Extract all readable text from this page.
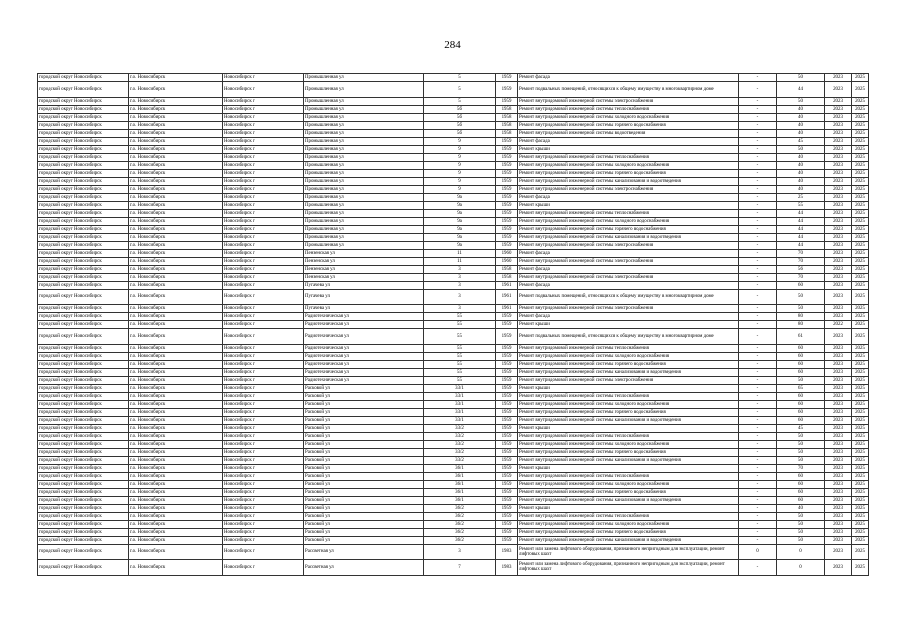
284
городской округ Новосибирск	г.о. Новосибирск	Новосибирск г	Промышленная ул	5	1959	Ремонт фасада	-	50	2023	2025
городской округ Новосибирск	г.о. Новосибирск	Новосибирск г	Промышленная ул	5	1959	Ремонт подвальных помещений, относящихся к общему имуществу в многоквартирном доме	-	44	2023	2025
городской округ Новосибирск	г.о. Новосибирск	Новосибирск г	Промышленная ул	5	1959	Ремонт внутридомовой инженерной системы электроснабжения	-	50	2023	2025
городской округ Новосибирск	г.о. Новосибирск	Новосибирск г	Промышленная ул	5б	1958	Ремонт внутридомовой инженерной системы теплоснабжения	-	40	2023	2025
городской округ Новосибирск	г.о. Новосибирск	Новосибирск г	Промышленная ул	5б	1958	Ремонт внутридомовой инженерной системы холодного водоснабжения	-	40	2023	2025
городской округ Новосибирск	г.о. Новосибирск	Новосибирск г	Промышленная ул	5б	1958	Ремонт внутридомовой инженерной системы горячего водоснабжения	-	40	2023	2025
городской округ Новосибирск	г.о. Новосибирск	Новосибирск г	Промышленная ул	5б	1958	Ремонт внутридомовой инженерной системы водоотведения	-	40	2023	2025
городской округ Новосибирск	г.о. Новосибирск	Новосибирск г	Промышленная ул	9	1959	Ремонт фасада	-	45	2023	2025
городской округ Новосибирск	г.о. Новосибирск	Новосибирск г	Промышленная ул	9	1959	Ремонт крыши	-	50	2023	2025
городской округ Новосибирск	г.о. Новосибирск	Новосибирск г	Промышленная ул	9	1959	Ремонт внутридомовой инженерной системы теплоснабжения	-	40	2023	2025
городской округ Новосибирск	г.о. Новосибирск	Новосибирск г	Промышленная ул	9	1959	Ремонт внутридомовой инженерной системы холодного водоснабжения	-	40	2023	2025
городской округ Новосибирск	г.о. Новосибирск	Новосибирск г	Промышленная ул	9	1959	Ремонт внутридомовой инженерной системы горячего водоснабжения	-	40	2023	2025
городской округ Новосибирск	г.о. Новосибирск	Новосибирск г	Промышленная ул	9	1959	Ремонт внутридомовой инженерной системы канализования и водоотведения	-	40	2023	2025
городской округ Новосибирск	г.о. Новосибирск	Новосибирск г	Промышленная ул	9	1959	Ремонт внутридомовой инженерной системы электроснабжения	-	40	2023	2025
городской округ Новосибирск	г.о. Новосибирск	Новосибирск г	Промышленная ул	9а	1959	Ремонт фасада	-	25	2023	2025
городской округ Новосибирск	г.о. Новосибирск	Новосибирск г	Промышленная ул	9а	1959	Ремонт крыши	-	55	2023	2025
городской округ Новосибирск	г.о. Новосибирск	Новосибирск г	Промышленная ул	9а	1959	Ремонт внутридомовой инженерной системы теплоснабжения	-	44	2023	2025
городской округ Новосибирск	г.о. Новосибирск	Новосибирск г	Промышленная ул	9а	1959	Ремонт внутридомовой инженерной системы холодного водоснабжения	-	44	2023	2025
городской округ Новосибирск	г.о. Новосибирск	Новосибирск г	Промышленная ул	9а	1959	Ремонт внутридомовой инженерной системы горячего водоснабжения	-	44	2023	2025
городской округ Новосибирск	г.о. Новосибирск	Новосибирск г	Промышленная ул	9а	1959	Ремонт внутридомовой инженерной системы канализования и водоотведения	-	44	2023	2025
городской округ Новосибирск	г.о. Новосибирск	Новосибирск г	Промышленная ул	9а	1959	Ремонт внутридомовой инженерной системы электроснабжения	-	44	2023	2025
городской округ Новосибирск	г.о. Новосибирск	Новосибирск г	Пензенская ул	11	1960	Ремонт фасада	-	70	2023	2025
городской округ Новосибирск	г.о. Новосибирск	Новосибирск г	Пензенская ул	11	1960	Ремонт внутридомовой инженерной системы электроснабжения	-	70	2023	2025
городской округ Новосибирск	г.о. Новосибирск	Новосибирск г	Пензенская ул	3	1958	Ремонт фасада	-	56	2023	2025
городской округ Новосибирск	г.о. Новосибирск	Новосибирск г	Пензенская ул	3	1958	Ремонт внутридомовой инженерной системы электроснабжения	-	70	2023	2025
городской округ Новосибирск	г.о. Новосибирск	Новосибирск г	Пугачева ул	3	1961	Ремонт фасада	-	60	2023	2025
городской округ Новосибирск	г.о. Новосибирск	Новосибирск г	Пугачева ул	3	1961	Ремонт подвальных помещений, относящихся к общему имуществу в многоквартирном доме	-	50	2023	2025
городской округ Новосибирск	г.о. Новосибирск	Новосибирск г	Пугачева ул	3	1961	Ремонт внутридомовой инженерной системы электроснабжения	-	50	2023	2025
городской округ Новосибирск	г.о. Новосибирск	Новосибирск г	Радиотехническая ул	55	1959	Ремонт фасада	-	80	2023	2025
городской округ Новосибирск	г.о. Новосибирск	Новосибирск г	Радиотехническая ул	55	1959	Ремонт крыши	-	80	2022	2025
городской округ Новосибирск	г.о. Новосибирск	Новосибирск г	Радиотехническая ул	55	1959	Ремонт подвальных помещений, относящихся к общему имуществу в многоквартирном доме	-	61	2023	2025
городской округ Новосибирск	г.о. Новосибирск	Новосибирск г	Радиотехническая ул	55	1959	Ремонт внутридомовой инженерной системы теплоснабжения	-	60	2023	2025
городской округ Новосибирск	г.о. Новосибирск	Новосибирск г	Радиотехническая ул	55	1959	Ремонт внутридомовой инженерной системы холодного водоснабжения	-	60	2023	2025
городской округ Новосибирск	г.о. Новосибирск	Новосибирск г	Радиотехническая ул	55	1959	Ремонт внутридомовой инженерной системы горячего водоснабжения	-	60	2023	2025
городской округ Новосибирск	г.о. Новосибирск	Новосибирск г	Радиотехническая ул	55	1959	Ремонт внутридомовой инженерной системы канализования и водоотведения	-	60	2023	2025
городской округ Новосибирск	г.о. Новосибирск	Новосибирск г	Радиотехническая ул	55	1959	Ремонт внутридомовой инженерной системы электроснабжения	-	50	2023	2025
городской округ Новосибирск	г.о. Новосибирск	Новосибирск г	Расковой ул	33/1	1959	Ремонт крыши	-	65	2023	2025
городской округ Новосибирск	г.о. Новосибирск	Новосибирск г	Расковой ул	33/1	1959	Ремонт внутридомовой инженерной системы теплоснабжения	-	60	2023	2025
городской округ Новосибирск	г.о. Новосибирск	Новосибирск г	Расковой ул	33/1	1959	Ремонт внутридомовой инженерной системы холодного водоснабжения	-	60	2023	2025
городской округ Новосибирск	г.о. Новосибирск	Новосибирск г	Расковой ул	33/1	1959	Ремонт внутридомовой инженерной системы горячего водоснабжения	-	60	2023	2025
городской округ Новосибирск	г.о. Новосибирск	Новосибирск г	Расковой ул	33/1	1959	Ремонт внутридомовой инженерной системы канализования и водоотведения	-	60	2023	2025
городской округ Новосибирск	г.о. Новосибирск	Новосибирск г	Расковой ул	33/2	1959	Ремонт крыши	-	45	2023	2025
городской округ Новосибирск	г.о. Новосибирск	Новосибирск г	Расковой ул	33/2	1959	Ремонт внутридомовой инженерной системы теплоснабжения	-	50	2023	2025
городской округ Новосибирск	г.о. Новосибирск	Новосибирск г	Расковой ул	33/2	1959	Ремонт внутридомовой инженерной системы холодного водоснабжения	-	50	2023	2025
городской округ Новосибирск	г.о. Новосибирск	Новосибирск г	Расковой ул	33/2	1959	Ремонт внутридомовой инженерной системы горячего водоснабжения	-	50	2023	2025
городской округ Новосибирск	г.о. Новосибирск	Новосибирск г	Расковой ул	33/2	1959	Ремонт внутридомовой инженерной системы канализования и водоотведения	-	50	2023	2025
городской округ Новосибирск	г.о. Новосибирск	Новосибирск г	Расковой ул	36/1	1959	Ремонт крыши	-	70	2023	2025
городской округ Новосибирск	г.о. Новосибирск	Новосибирск г	Расковой ул	36/1	1959	Ремонт внутридомовой инженерной системы теплоснабжения	-	60	2023	2025
городской округ Новосибирск	г.о. Новосибирск	Новосибирск г	Расковой ул	36/1	1959	Ремонт внутридомовой инженерной системы холодного водоснабжения	-	60	2023	2025
городской округ Новосибирск	г.о. Новосибирск	Новосибирск г	Расковой ул	36/1	1959	Ремонт внутридомовой инженерной системы горячего водоснабжения	-	60	2023	2025
городской округ Новосибирск	г.о. Новосибирск	Новосибирск г	Расковой ул	36/1	1959	Ремонт внутридомовой инженерной системы канализования и водоотведения	-	60	2023	2025
городской округ Новосибирск	г.о. Новосибирск	Новосибирск г	Расковой ул	36/2	1959	Ремонт крыши	-	40	2023	2025
городской округ Новосибирск	г.о. Новосибирск	Новосибирск г	Расковой ул	36/2	1959	Ремонт внутридомовой инженерной системы теплоснабжения	-	50	2023	2025
городской округ Новосибирск	г.о. Новосибирск	Новосибирск г	Расковой ул	36/2	1959	Ремонт внутридомовой инженерной системы холодного водоснабжения	-	50	2023	2025
городской округ Новосибирск	г.о. Новосибирск	Новосибирск г	Расковой ул	36/2	1959	Ремонт внутридомовой инженерной системы горячего водоснабжения	-	50	2023	2025
городской округ Новосибирск	г.о. Новосибирск	Новосибирск г	Расковой ул	36/2	1959	Ремонт внутридомовой инженерной системы канализования и водоотведения	-	50	2023	2025
городской округ Новосибирск	г.о. Новосибирск	Новосибирск г	Рассветная ул	3	1983	Ремонт или замена лифтового оборудования, признанного непригодным для эксплуатации, ремонт лифтовых шахт	0	0	2023	2025
городской округ Новосибирск	г.о. Новосибирск	Новосибирск г	Рассветная ул	7	1983	Ремонт или замена лифтового оборудования, признанного непригодным для эксплуатации, ремонт лифтовых шахт	-	0	2023	2025
